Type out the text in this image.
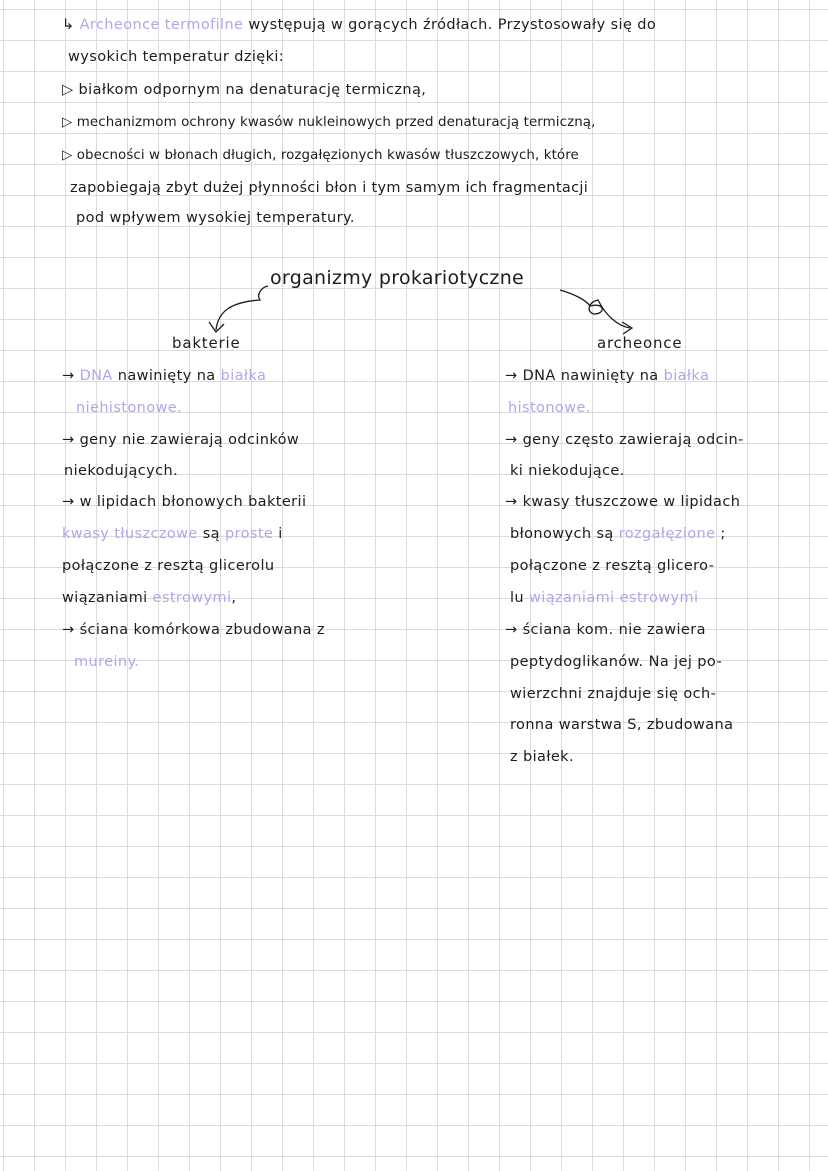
↳ Archeonce termofilne występują w gorących źródłach. Przystosowały się do
wysokich temperatur dzięki:
▷ białkom odpornym na denaturację termiczną,
▷ mechanizmom ochrony kwasów nukleinowych przed denaturacją termiczną,
▷ obecności w błonach długich, rozgałęzionych kwasów tłuszczowych, które
zapobiegają zbyt dużej płynności błon i tym samym ich fragmentacji
pod wpływem wysokiej temperatury.
organizmy prokariotyczne
bakterie	archeonce
→ DNA nawinięty na białka
niehistonowe.
→ geny nie zawierają odcinków
niekodujących.
→ w lipidach błonowych bakterii
kwasy tłuszczowe są proste i
połączone z resztą glicerolu
wiązaniami estrowymi,
→ ściana komórkowa zbudowana z
mureiny.
→ DNA nawinięty na białka
histonowe.
→ geny często zawierają odcin-
ki niekodujące.
→ kwasy tłuszczowe w lipidach
błonowych są rozgałęzione ;
połączone z resztą glicero-
lu wiązaniami estrowymi
→ ściana kom. nie zawiera
peptydoglikanów. Na jej po-
wierzchni znajduje się och-
ronna warstwa S, zbudowana
z białek.
